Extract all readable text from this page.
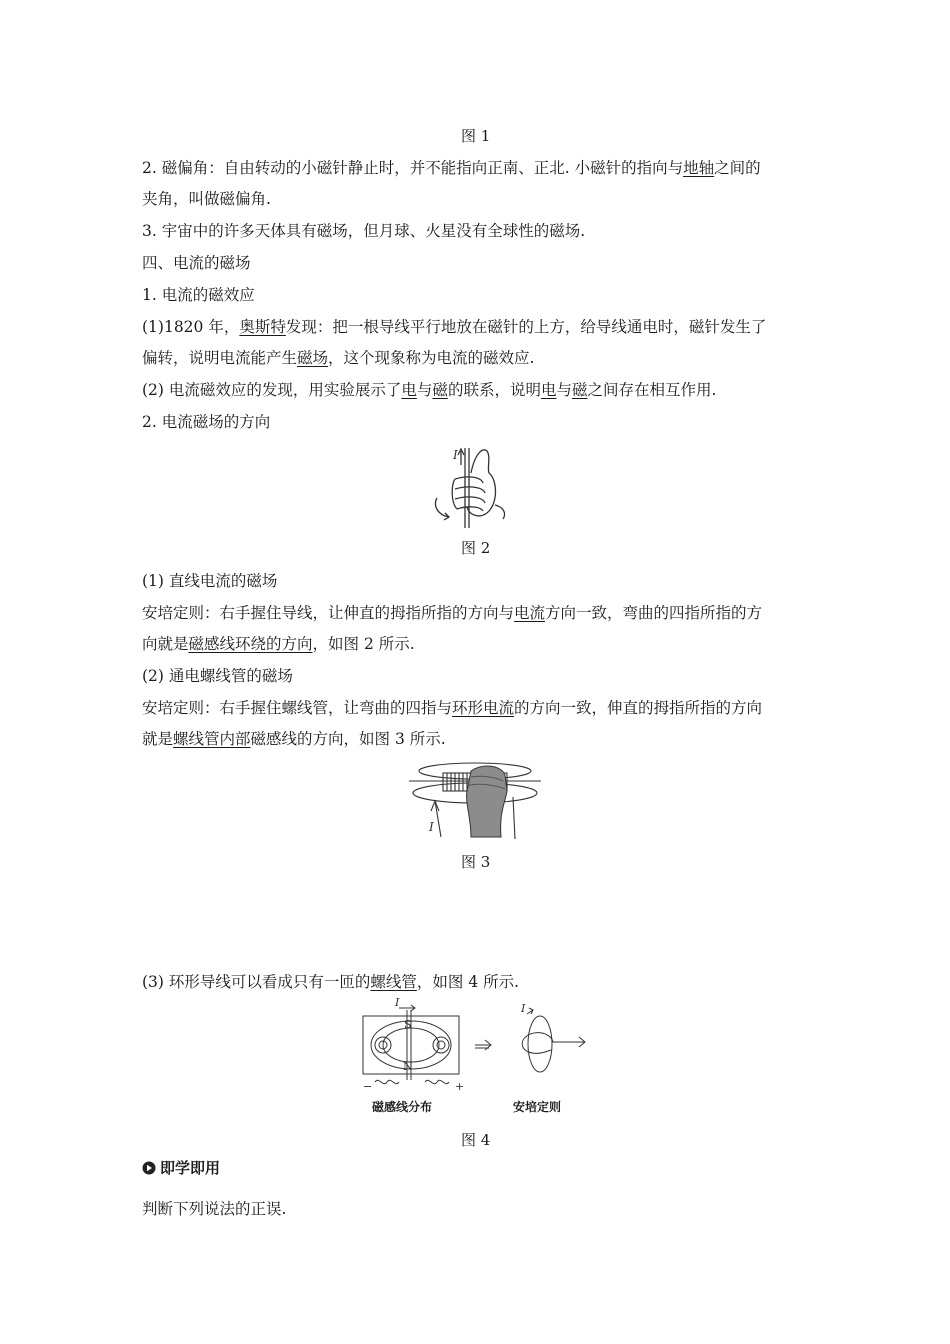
图 1
2. 磁偏角：自由转动的小磁针静止时，并不能指向正南、正北. 小磁针的指向与地轴之间的
夹角，叫做磁偏角.
3. 宇宙中的许多天体具有磁场，但月球、火星没有全球性的磁场.
四、电流的磁场
1. 电流的磁效应
(1)1820 年，奥斯特发现：把一根导线平行地放在磁针的上方，给导线通电时，磁针发生了
偏转，说明电流能产生磁场，这个现象称为电流的磁效应.
(2) 电流磁效应的发现，用实验展示了电与磁的联系，说明电与磁之间存在相互作用.
2. 电流磁场的方向
I
图 2
(1) 直线电流的磁场
安培定则：右手握住导线，让伸直的拇指所指的方向与电流方向一致，弯曲的四指所指的方
向就是磁感线环绕的方向，如图 2 所示.
(2) 通电螺线管的磁场
安培定则：右手握住螺线管，让弯曲的四指与环形电流的方向一致，伸直的拇指所指的方向
就是螺线管内部磁感线的方向，如图 3 所示.
I
图 3
(3) 环形导线可以看成只有一匝的螺线管，如图 4 所示.
S
N
I	I
−	+
磁感线分布	安培定则
图 4
即学即用
判断下列说法的正误.
